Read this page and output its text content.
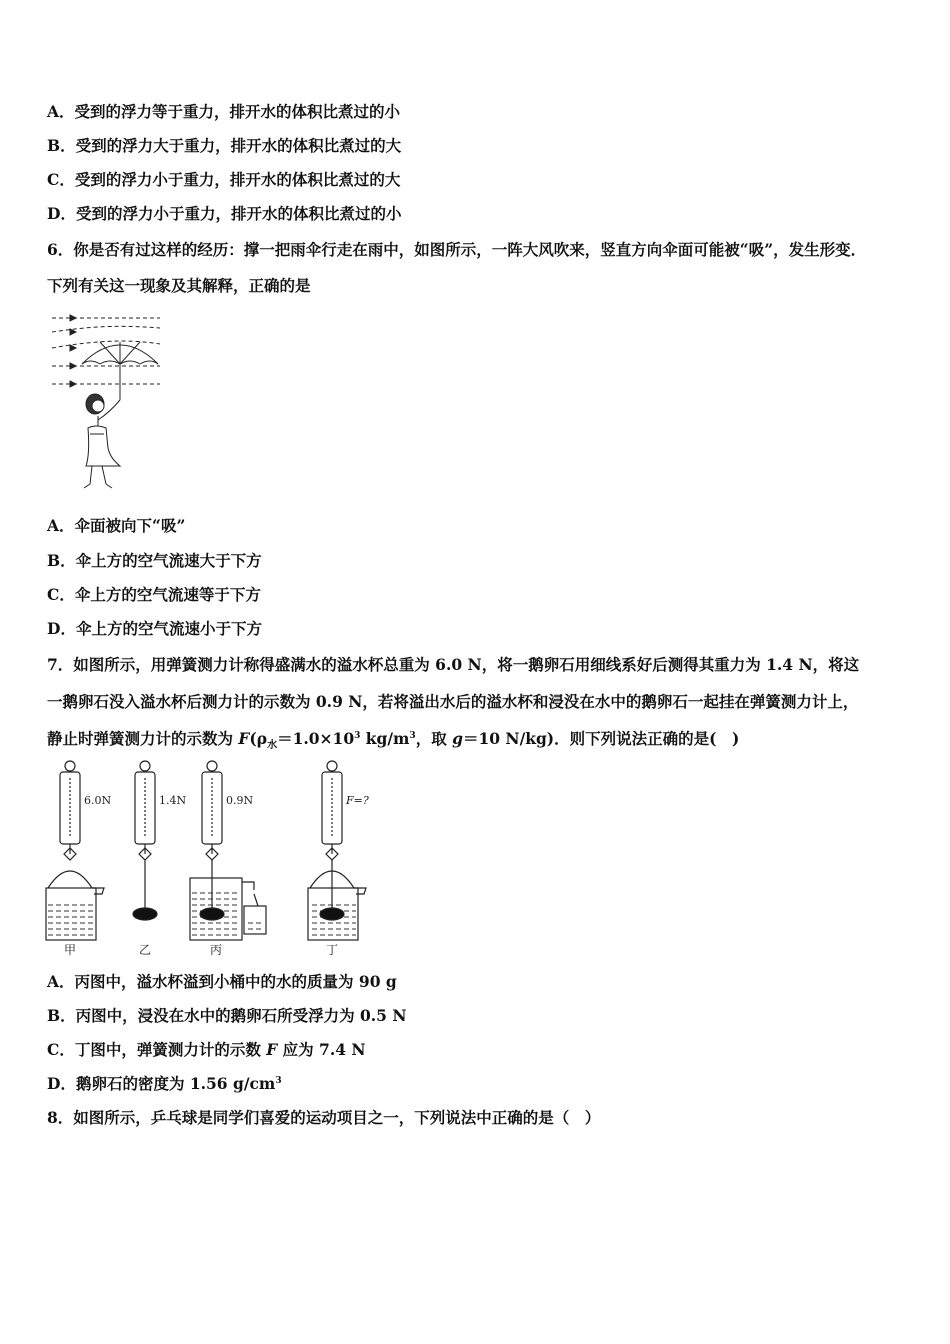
A．受到的浮力等于重力，排开水的体积比煮过的小
B．受到的浮力大于重力，排开水的体积比煮过的大
C．受到的浮力小于重力，排开水的体积比煮过的大
D．受到的浮力小于重力，排开水的体积比煮过的小
6．你是否有过这样的经历：撑一把雨伞行走在雨中，如图所示，一阵大风吹来，竖直方向伞面可能被“吸”，发生形变．
下列有关这一现象及其解释，正确的是
A．伞面被向下“吸”
B．伞上方的空气流速大于下方
C．伞上方的空气流速等于下方
D．伞上方的空气流速小于下方
7．如图所示，用弹簧测力计称得盛满水的溢水杯总重为 6.0 N，将一鹅卵石用细线系好后测得其重力为 1.4 N，将这
一鹅卵石没入溢水杯后测力计的示数为 0.9 N，若将溢出水后的溢水杯和浸没在水中的鹅卵石一起挂在弹簧测力计上，
静止时弹簧测力计的示数为 $F(\rho_水=1.0\times 10^3$ $kg/m^3$，取 g＝10 N/kg)．则下列说法正确的是(　)
6.0N	1.4N	0.9N	F=?
甲	乙	丙	丁
A．丙图中，溢水杯溢到小桶中的水的质量为 90 g
B．丙图中，浸没在水中的鹅卵石所受浮力为 0.5 N
C．丁图中，弹簧测力计的示数 F 应为 7.4 N
D．鹅卵石的密度为 1.56 $g/cm^3$
8．如图所示，乒乓球是同学们喜爱的运动项目之一，下列说法中正确的是（　）
